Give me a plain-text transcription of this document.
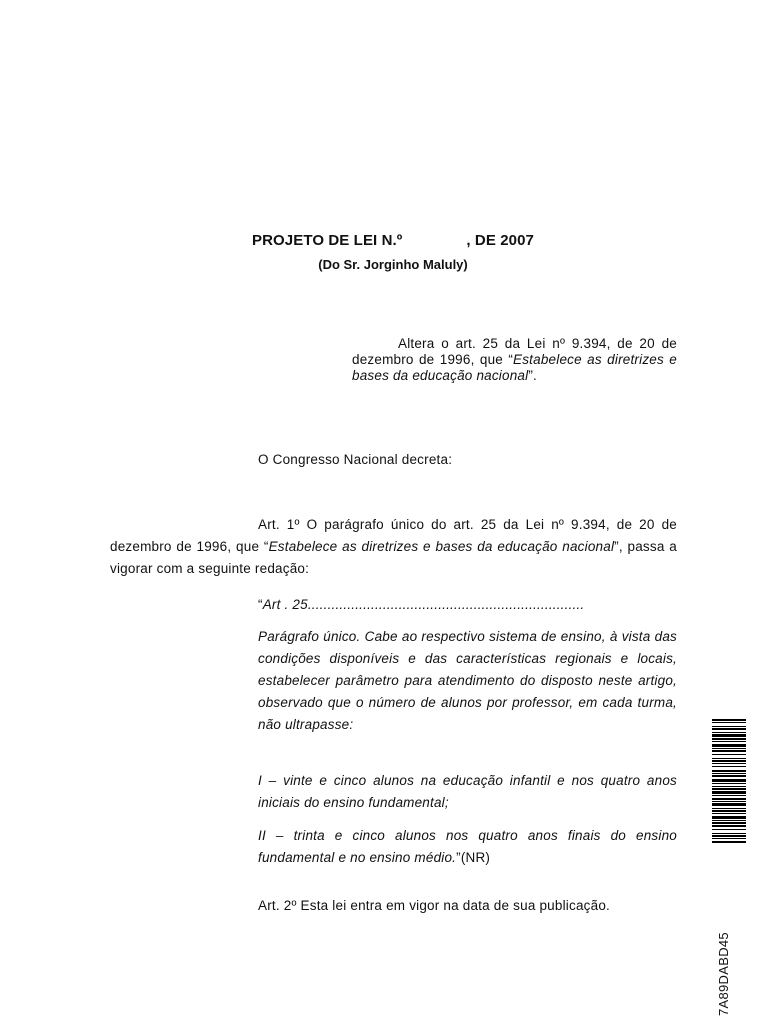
PROJETO DE LEI N.º	, DE 2007
(Do Sr. Jorginho Maluly)
Altera o art. 25 da Lei nº 9.394, de 20 de dezembro de 1996, que “Estabelece as diretrizes e bases da educação nacional”.
O Congresso Nacional decreta:
Art. 1º O parágrafo único do art. 25 da Lei nº 9.394, de 20 de dezembro de 1996, que “Estabelece as diretrizes e bases da educação nacional”, passa a vigorar com a seguinte redação:
“Art . 25......................................................................
Parágrafo único. Cabe ao respectivo sistema de ensino, à vista das condições disponíveis e das características regionais e locais, estabelecer parâmetro para atendimento do disposto neste artigo, observado que o número de alunos por professor, em cada turma, não ultrapasse:
I – vinte e cinco alunos na educação infantil e nos quatro anos iniciais do ensino fundamental;
II – trinta e cinco alunos nos quatro anos finais do ensino fundamental e no ensino médio.”(NR)
Art. 2º Esta lei entra em vigor na data de sua publicação.
7A89DABD45
